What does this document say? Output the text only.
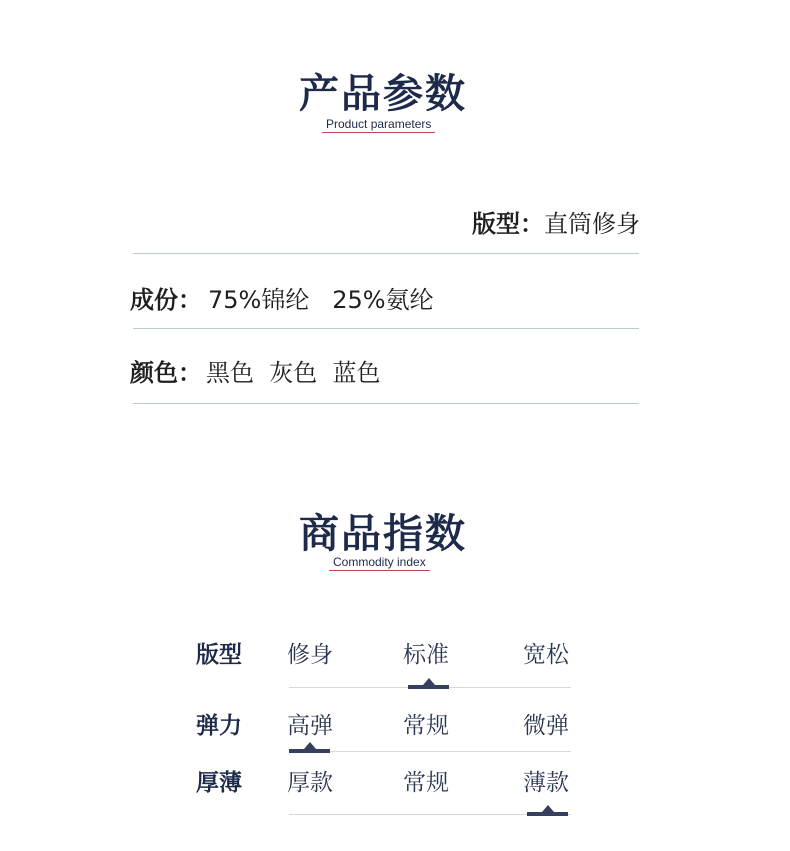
产品参数
Product parameters
版型： 直筒修身
成份： 75%锦纶   25%氨纶
颜色： 黑色  灰色  蓝色
商品指数
Commodity index
版型	修身	标准	宽松
弹力	高弹	常规	微弹
厚薄	厚款	常规	薄款
